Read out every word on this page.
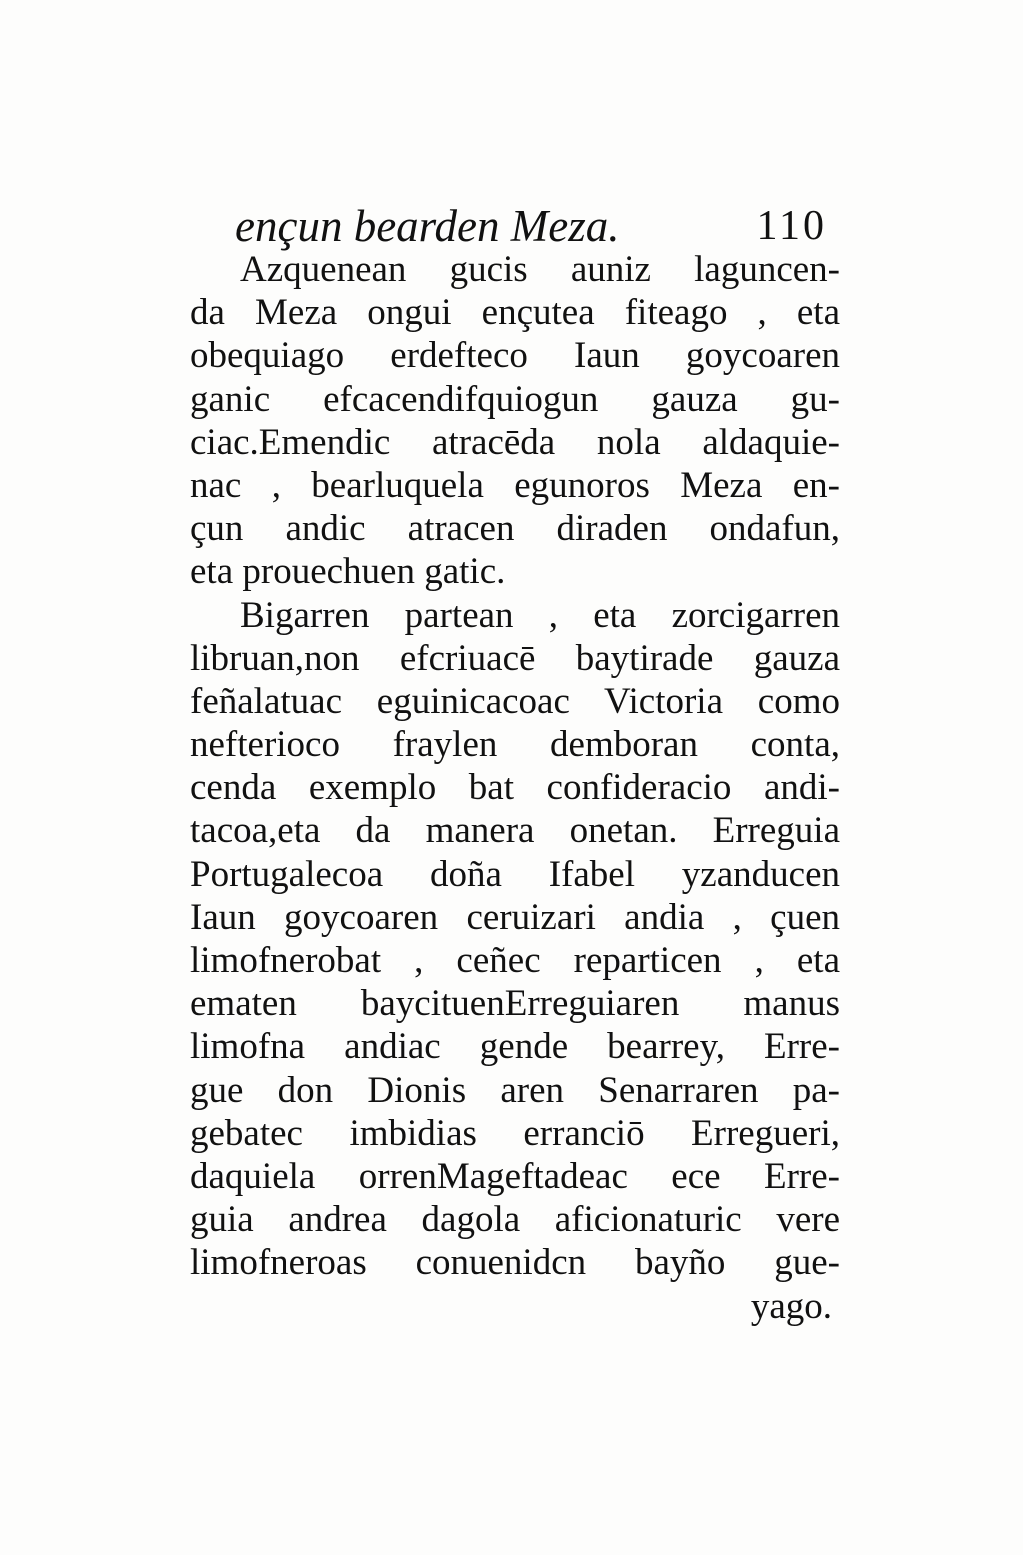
ençun bearden Meza.	110
Azquenean gucis auniz laguncen-
da Meza ongui ençutea fiteago , eta
obequiago erdefteco Iaun goycoaren
ganic efcacendifquiogun gauza gu-
ciac.Emendic atracēda nola aldaquie-
nac , bearluquela egunoros Meza en-
çun andic atracen diraden ondafun,
eta prouechuen gatic.
Bigarren partean , eta zorcigarren
libruan,non efcriuacē baytirade gauza
feñalatuac eguinicacoac Victoria como
nefterioco fraylen demboran conta,
cenda exemplo bat confideracio andi-
tacoa,eta da manera onetan. Erreguia
Portugalecoa doña Ifabel yzanducen
Iaun goycoaren ceruizari andia , çuen
limofnerobat , ceñec reparticen , eta
ematen baycituenErreguiaren manus
limofna andiac gende bearrey, Erre-
gue don Dionis aren Senarraren pa-
gebatec imbidias erranciō Erregueri,
daquiela orrenMageftadeac ece Erre-
guia andrea dagola aficionaturic vere
limofneroas conuenidcn bayño gue-
yago.
